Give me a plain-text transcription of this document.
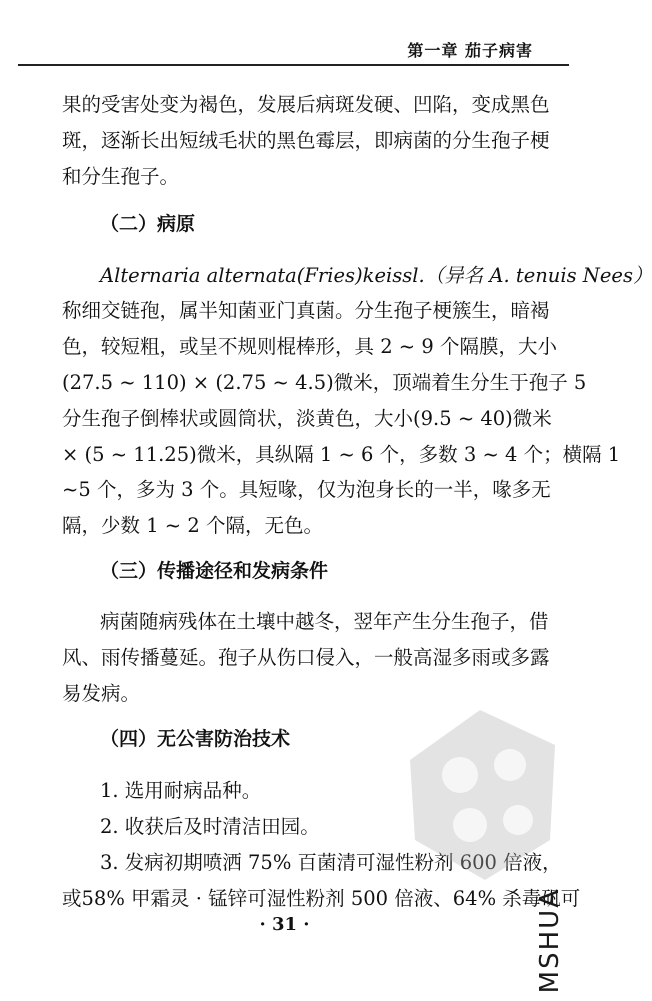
第一章 茄子病害
果的受害处变为褐色，发展后病斑发硬、凹陷，变成黑色
斑，逐渐长出短绒毛状的黑色霉层，即病菌的分生孢子梗
和分生孢子。
（二）病原
Alternaria alternata(Fries)keissl.（异名 A. tenuis Nees）
称细交链孢，属半知菌亚门真菌。分生孢子梗簇生，暗褐
色，较短粗，或呈不规则棍棒形，具 2 ~ 9 个隔膜，大小
(27.5 ~ 110) × (2.75 ~ 4.5)微米，顶端着生分生于孢子 5
分生孢子倒棒状或圆筒状，淡黄色，大小(9.5 ~ 40)微米
× (5 ~ 11.25)微米，具纵隔 1 ~ 6 个，多数 3 ~ 4 个；横隔 1
~5 个，多为 3 个。具短喙，仅为泡身长的一半，喙多无
隔，少数 1 ~ 2 个隔，无色。
（三）传播途径和发病条件
病菌随病残体在土壤中越冬，翌年产生分生孢子，借
风、雨传播蔓延。孢子从伤口侵入，一般高湿多雨或多露
易发病。
（四）无公害防治技术
1. 选用耐病品种。
2. 收获后及时清洁田园。
3. 发病初期喷洒 75% 百菌清可湿性粉剂 600 倍液，
或58% 甲霜灵 · 锰锌可湿性粉剂 500 倍液、64% 杀毒矾可
· 31 ·	MSHUA
